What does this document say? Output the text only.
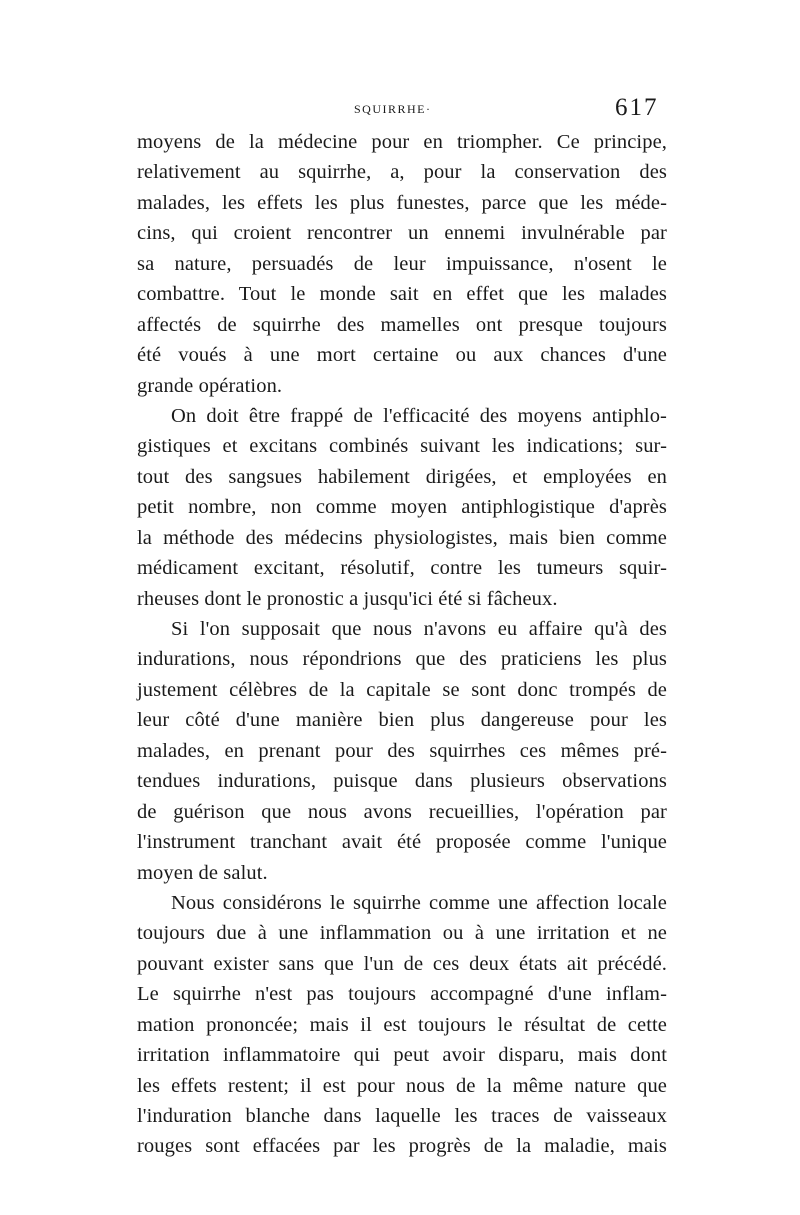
SQUIRRHE·	617
moyens de la médecine pour en triompher. Ce principe,
relativement au squirrhe, a, pour la conservation des
malades, les effets les plus funestes, parce que les méde-
cins, qui croient rencontrer un ennemi invulnérable par
sa nature, persuadés de leur impuissance, n'osent le
combattre. Tout le monde sait en effet que les malades
affectés de squirrhe des mamelles ont presque toujours
été voués à une mort certaine ou aux chances d'une
grande opération.
On doit être frappé de l'efficacité des moyens antiphlo-
gistiques et excitans combinés suivant les indications; sur-
tout des sangsues habilement dirigées, et employées en
petit nombre, non comme moyen antiphlogistique d'après
la méthode des médecins physiologistes, mais bien comme
médicament excitant, résolutif, contre les tumeurs squir-
rheuses dont le pronostic a jusqu'ici été si fâcheux.
Si l'on supposait que nous n'avons eu affaire qu'à des
indurations, nous répondrions que des praticiens les plus
justement célèbres de la capitale se sont donc trompés de
leur côté d'une manière bien plus dangereuse pour les
malades, en prenant pour des squirrhes ces mêmes pré-
tendues indurations, puisque dans plusieurs observations
de guérison que nous avons recueillies, l'opération par
l'instrument tranchant avait été proposée comme l'unique
moyen de salut.
Nous considérons le squirrhe comme une affection locale
toujours due à une inflammation ou à une irritation et ne
pouvant exister sans que l'un de ces deux états ait précédé.
Le squirrhe n'est pas toujours accompagné d'une inflam-
mation prononcée; mais il est toujours le résultat de cette
irritation inflammatoire qui peut avoir disparu, mais dont
les effets restent; il est pour nous de la même nature que
l'induration blanche dans laquelle les traces de vaisseaux
rouges sont effacées par les progrès de la maladie, mais
